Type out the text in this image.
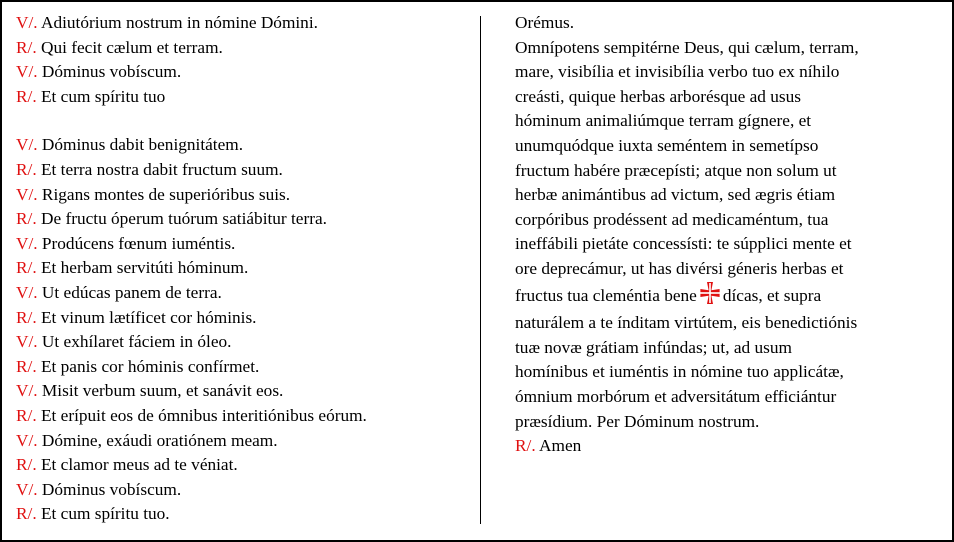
V/. Adiutórium nostrum in nómine Dómini.
R/. Qui fecit cælum et terram.
V/. Dóminus vobíscum.
R/. Et cum spíritu tuo
V/. Dóminus dabit benignitátem.
R/. Et terra nostra dabit fructum suum.
V/. Rigans montes de superióribus suis.
R/. De fructu óperum tuórum satiábitur terra.
V/. Prodúcens fœnum iuméntis.
R/. Et herbam servitúti hóminum.
V/. Ut edúcas panem de terra.
R/. Et vinum lætíficet cor hóminis.
V/. Ut exhílaret fáciem in óleo.
R/. Et panis cor hóminis confírmet.
V/. Misit verbum suum, et sanávit eos.
R/. Et erípuit eos de ómnibus interitiónibus eórum.
V/. Dómine, exáudi oratiónem meam.
R/. Et clamor meus ad te véniat.
V/. Dóminus vobíscum.
R/. Et cum spíritu tuo.
Orémus.
Omnípotens sempitérne Deus, qui cælum, terram,
mare, visibília et invisibília verbo tuo ex níhilo
creásti, quique herbas arborésque ad usus
hóminum animaliúmque terram gígnere, et
unumquódque iuxta seméntem in semetípso
fructum habére præcepísti; atque non solum ut
herbæ animántibus ad victum, sed ægris étiam
corpóribus prodéssent ad medicaméntum, tua
ineffábili pietáte concessísti: te súpplici mente et
ore deprecámur, ut has divérsi géneris herbas et
fructus tua cleméntia bene dícas, et supra
naturálem a te índitam virtútem, eis benedictiónis
tuæ novæ grátiam infúndas; ut, ad usum
homínibus et iuméntis in nómine tuo applicátæ,
ómnium morbórum et adversitátum efficiántur
præsídium. Per Dóminum nostrum.
R/. Amen
